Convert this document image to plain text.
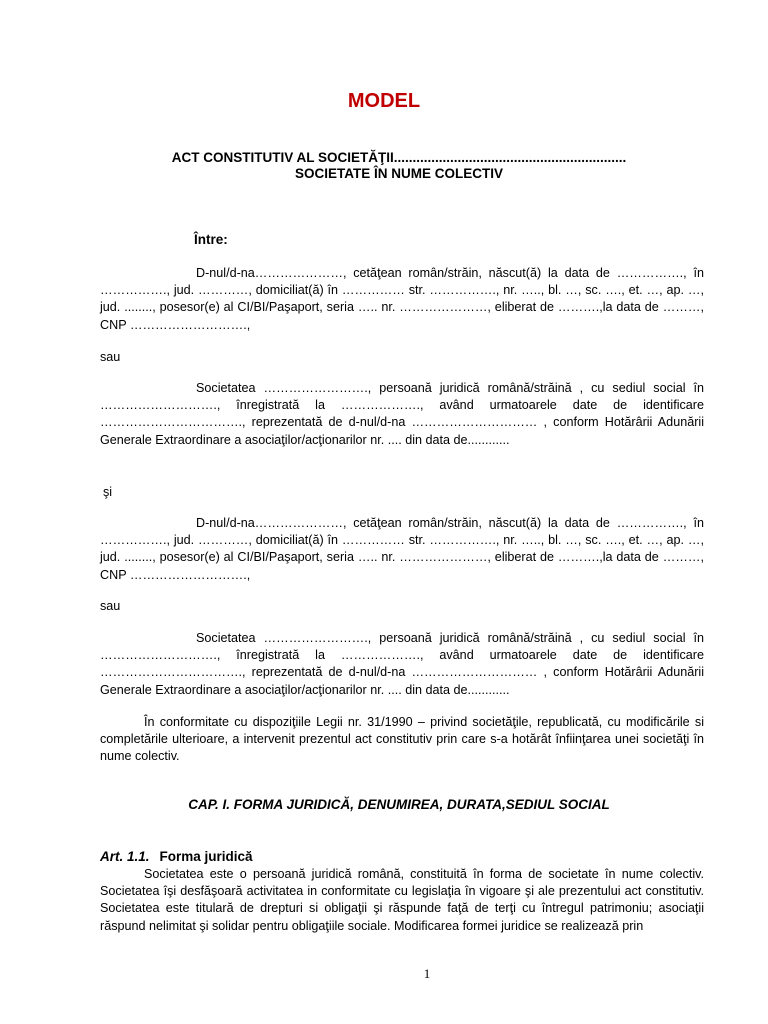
MODEL
ACT CONSTITUTIV AL SOCIETĂŢII..............................................................
SOCIETATE ÎN NUME COLECTIV
Între:
D-nul/d-na…………………, cetăţean român/străin, născut(ă) la data de ……………., în ……………., jud. …………, domiciliat(ă) în …………… str. ……………., nr. ….., bl. …, sc. …., et. …, ap. …, jud. ........, posesor(e) al CI/BI/Paşaport, seria ….. nr. …………………, eliberat de ……….,la data de ………, CNP ……………………….,
sau
Societatea ……………………., persoană juridică română/străină , cu sediul social în ………………………., înregistrată la ………………., având urmatoarele date de identificare ……………………………., reprezentată de d-nul/d-na ………………………… , conform Hotărârii Adunării Generale Extraordinare a asociaţilor/acţionarilor nr. .... din data de............
şi
D-nul/d-na…………………, cetăţean român/străin, născut(ă) la data de ……………., în ……………., jud. …………, domiciliat(ă) în …………… str. ……………., nr. ….., bl. …, sc. …., et. …, ap. …, jud. ........, posesor(e) al CI/BI/Paşaport, seria ….. nr. …………………, eliberat de ……….,la data de ………, CNP ……………………….,
sau
Societatea ……………………., persoană juridică română/străină , cu sediul social în ………………………., înregistrată la ………………., având urmatoarele date de identificare ……………………………., reprezentată de d-nul/d-na ………………………… , conform Hotărârii Adunării Generale Extraordinare a asociaţilor/acţionarilor nr. .... din data de............
În conformitate cu dispoziţiile Legii nr. 31/1990 – privind societăţile, republicată, cu modificările si completările ulterioare, a intervenit prezentul act constitutiv prin care s-a hotărât înfiinţarea unei societăţi în nume colectiv.
CAP. I. FORMA JURIDICĂ, DENUMIREA, DURATA,SEDIUL SOCIAL
Art. 1.1. Forma juridică
Societatea este o persoană juridică română, constituită în forma de societate în nume colectiv. Societatea îşi desfăşoară activitatea in conformitate cu legislaţia în vigoare şi ale prezentului act constitutiv. Societatea este titulară de drepturi si obligaţii şi răspunde faţă de terţi cu întregul patrimoniu; asociaţii răspund nelimitat şi solidar pentru obligaţiile sociale. Modificarea formei juridice se realizează prin
1
